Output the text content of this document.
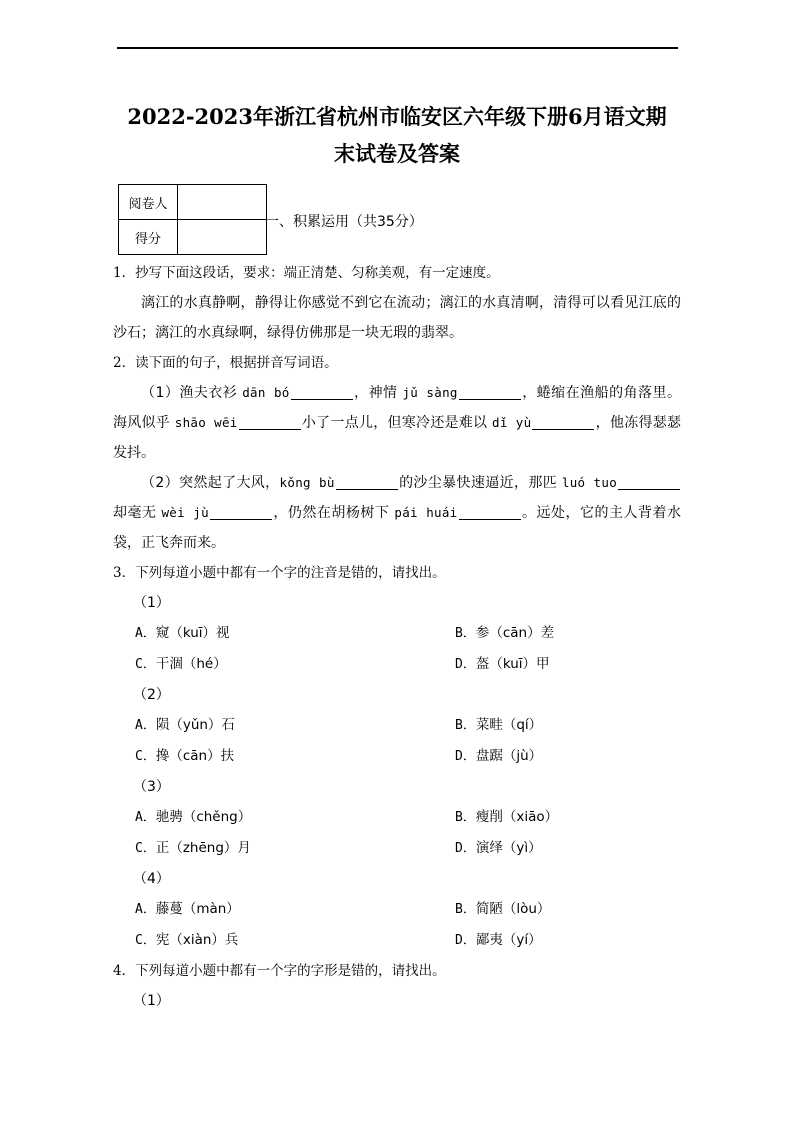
2022-2023年浙江省杭州市临安区六年级下册6月语文期末试卷及答案
阅卷人	
得分	
一、积累运用（共35分）

1．抄写下面这段话，要求：端正清楚、匀称美观，有一定速度。

漓江的水真静啊，静得让你感觉不到它在流动；漓江的水真清啊，清得可以看见江底的沙石；漓江的水真绿啊，绿得仿佛那是一块无瑕的翡翠。

2．读下面的句子，根据拼音写词语。

（1）渔夫衣衫 dān bó	，神情 jǔ sàng	，蜷缩在渔船的角落里。海风似乎 shāo wēi	小了一点儿，但寒冷还是难以 dǐ yù	，他冻得瑟瑟发抖。

（2）突然起了大风，kǒng bù	的沙尘暴快速逼近，那匹 luó tuo却毫无 wèi jù	，仍然在胡杨树下 pái huái	。远处，它的主人背着水袋，正飞奔而来。

3．下列每道小题中都有一个字的注音是错的，请找出。

（1）

A．窥（kuī）视	B．参（cān）差
C．干涸（hé）	D．盔（kuī）甲

（2）

A．陨（yǔn）石	B．菜畦（qí）
C．搀（cān）扶	D．盘踞（jù）

（3）

A．驰骋（chěng）	B．瘦削（xiāo）
C．正（zhēng）月	D．演绎（yì）

（4）

A．藤蔓（màn）	B．简陋（lòu）
C．宪（xiàn）兵	D．鄙夷（yí）

4．下列每道小题中都有一个字的字形是错的，请找出。

（1）
